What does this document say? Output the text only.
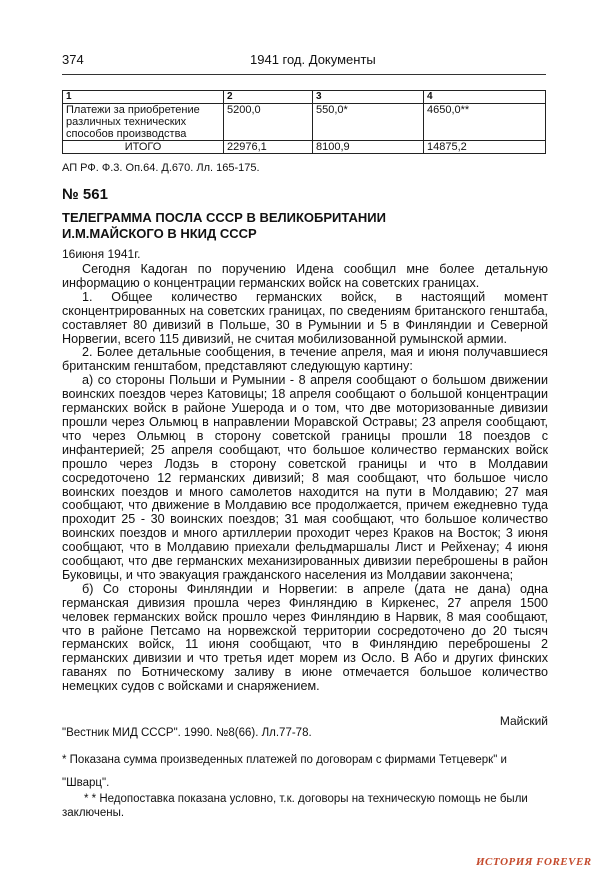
374	1941 год. Документы
1	2	3	4

Платежи за приобретение
различных технических
способов производства	5200,0	550,0*	4650,0**
ИТОГО	22976,1	8100,9	14875,2
АП РФ. Ф.3. Оп.64. Д.670. Лл. 165-175.
№ 561
ТЕЛЕГРАММА ПОСЛА СССР В ВЕЛИКОБРИТАНИИ
И.М.МАЙСКОГО В НКИД СССР
16июня 1941г.

Сегодня Кадоган по поручению Идена сообщил мне более детальную информацию о концентрации германских войск на советских границах.

1. Общее количество германских войск, в настоящий момент сконцентрированных на советских границах, по сведениям британского генштаба, составляет 80 дивизий в Польше, 30 в Румынии и 5 в Финляндии и Северной Норвегии, всего 115 дивизий, не считая мобилизованной румынской армии.

2. Более детальные сообщения, в течение апреля, мая и июня получавшиеся британским генштабом, представляют следующую картину:

а) со стороны Польши и Румынии - 8 апреля сообщают о большом движении воинских поездов через Катовицы; 18 апреля сообщают о большой концентрации германских войск в районе Ушерода и о том, что две моторизованные дивизии прошли через Ольмюц в направлении Моравской Остравы; 23 апреля сообщают, что через Ольмюц в сторону советской границы прошли 18 поездов с инфантерией; 25 апреля сообщают, что большое количество германских войск прошло через Лодзь в сторону советской границы и что в Молдавии сосредоточено 12 германских дивизий; 8 мая сообщают, что большое число воинских поездов и много самолетов находится на пути в Молдавию; 27 мая сообщают, что движение в Молдавию все продолжается, причем ежедневно туда проходит 25 - 30 воинских поездов; 31 мая сообщают, что большое количество воинских поездов и много артиллерии проходит через Краков на Восток; 3 июня сообщают, что в Молдавию приехали фельдмаршалы Лист и Рейхенау; 4 июня сообщают, что две германских механизированных дивизии переброшены в район Буковицы, и что эвакуация гражданского населения из Молдавии закончена;

б) Со стороны Финляндии и Норвегии: в апреле (дата не дана) одна германская дивизия прошла через Финляндию в Киркенес, 27 апреля 1500 человек германских войск прошло через Финляндию в Нарвик, 8 мая сообщают, что в районе Петсамо на норвежской территории сосредоточено до 20 тысяч германских войск, 11 июня сообщают, что в Финляндию переброшены 2 германских дивизии и что третья идет морем из Осло. В Або и других финских гаванях по Ботническому заливу в июне отмечается большое количество немецких судов с войсками и снаряжением.

Майский
"Вестник МИД СССР". 1990. №8(66). Лл.77-78.
* Показана сумма произведенных платежей по договорам с фирмами Тетцеверк" и "Шварц".
* * Недопоставка показана условно, т.к. договоры на техническую помощь не были заключены.
ИСТОРИЯ FOREVER
